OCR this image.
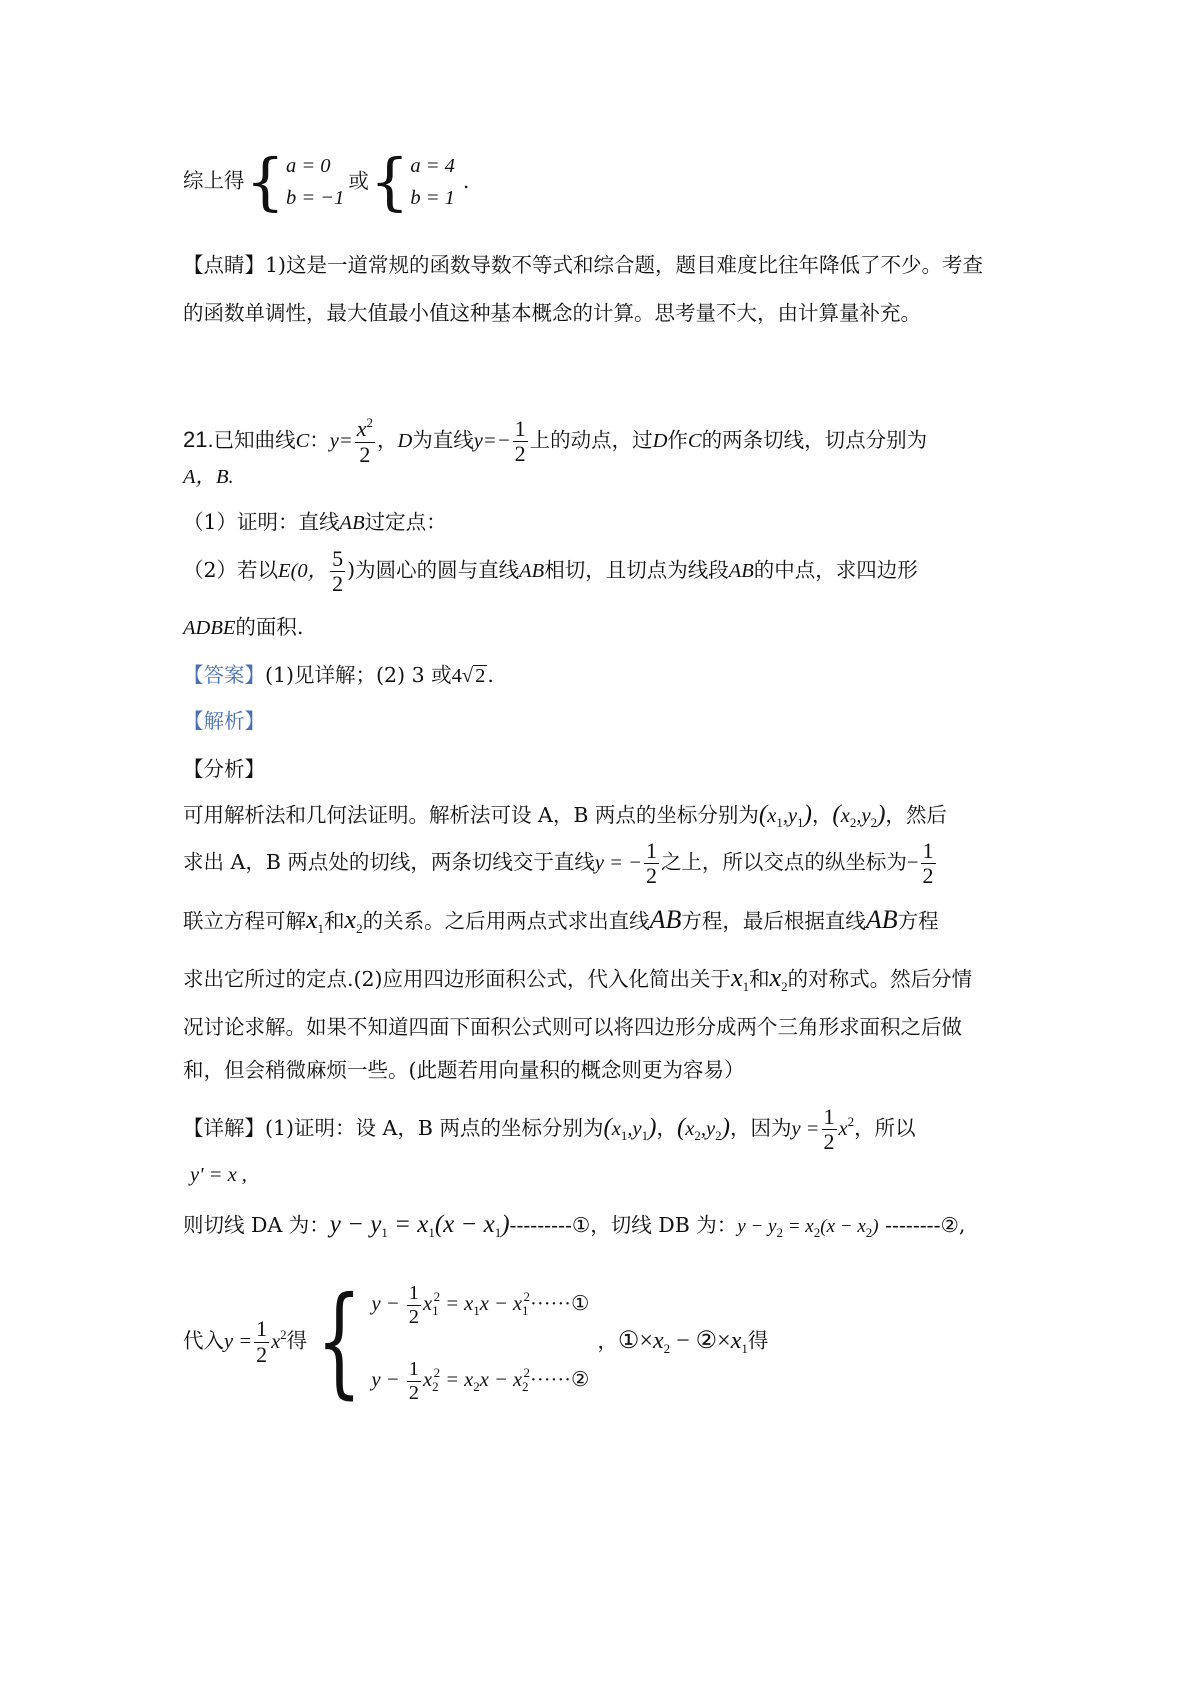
综上得{ a = 0
b = −1
或{ a = 4
b = 1
.
【点睛】1)这是一道常规的函数导数不等式和综合题，题目难度比往年降低了不少。考查
的函数单调性，最大值最小值这种基本概念的计算。思考量不大，由计算量补充。
21.已知曲线C：$y= \frac{x^2}{2}$ ，D为直线$y=- \frac{1}{2}$ 上的动点，过D作C的两条切线，切点分别为
A，B.
（1）证明：直线AB过定点：
（2）若以E(0， $\frac{5}{2}$ )为圆心的圆与直线AB相切，且切点为线段AB的中点，求四边形
ADBE的面积.
【答案】(1)见详解；(2) 3 或4√2.
【解析】
【分析】
可用解析法和几何法证明。解析法可设 A，B 两点的坐标分别为$(x_1,y_1)$，$(x_2,y_2)$，然后
求出 A，B 两点处的切线，两条切线交于直线y = − $\frac{1}{2}$ 之上，所以交点的纵坐标为− $\frac{1}{2}$
联立方程可解$x_1$和$x_2$的关系。之后用两点式求出直线AB方程，最后根据直线AB方程
求出它所过的定点.(2)应用四边形面积公式，代入化简出关于$x_1$和$x_2$的对称式。然后分情
况讨论求解。如果不知道四面下面积公式则可以将四边形分成两个三角形求面积之后做
和，但会稍微麻烦一些。(此题若用向量积的概念则更为容易）
【详解】(1)证明：设 A，B 两点的坐标分别为$(x_1,y_1)$，$(x_2,y_2)$，因为$y = \frac{1}{2} x^2$，所以
y' = x ,
则切线 DA 为：$y - y_1 = x_1(x$ − $x_1)---------①$，切线 DB 为：$y - y_2 = x_2(x - x_2)$ --------②,
代入$y = \frac{1}{2} x^2$得{ $y - \frac{1}{2} x_1^2 = x_1x$ − $x_1^2\cdot\cdot\cdot\cdot\cdot\cdot ①$
$y - \frac{1}{2} x_2^2 = x_2x$ − $x_2^2\cdot\cdot\cdot\cdot\cdot\cdot ②$
，$①\times x_2$ − $②\times x_1$得
